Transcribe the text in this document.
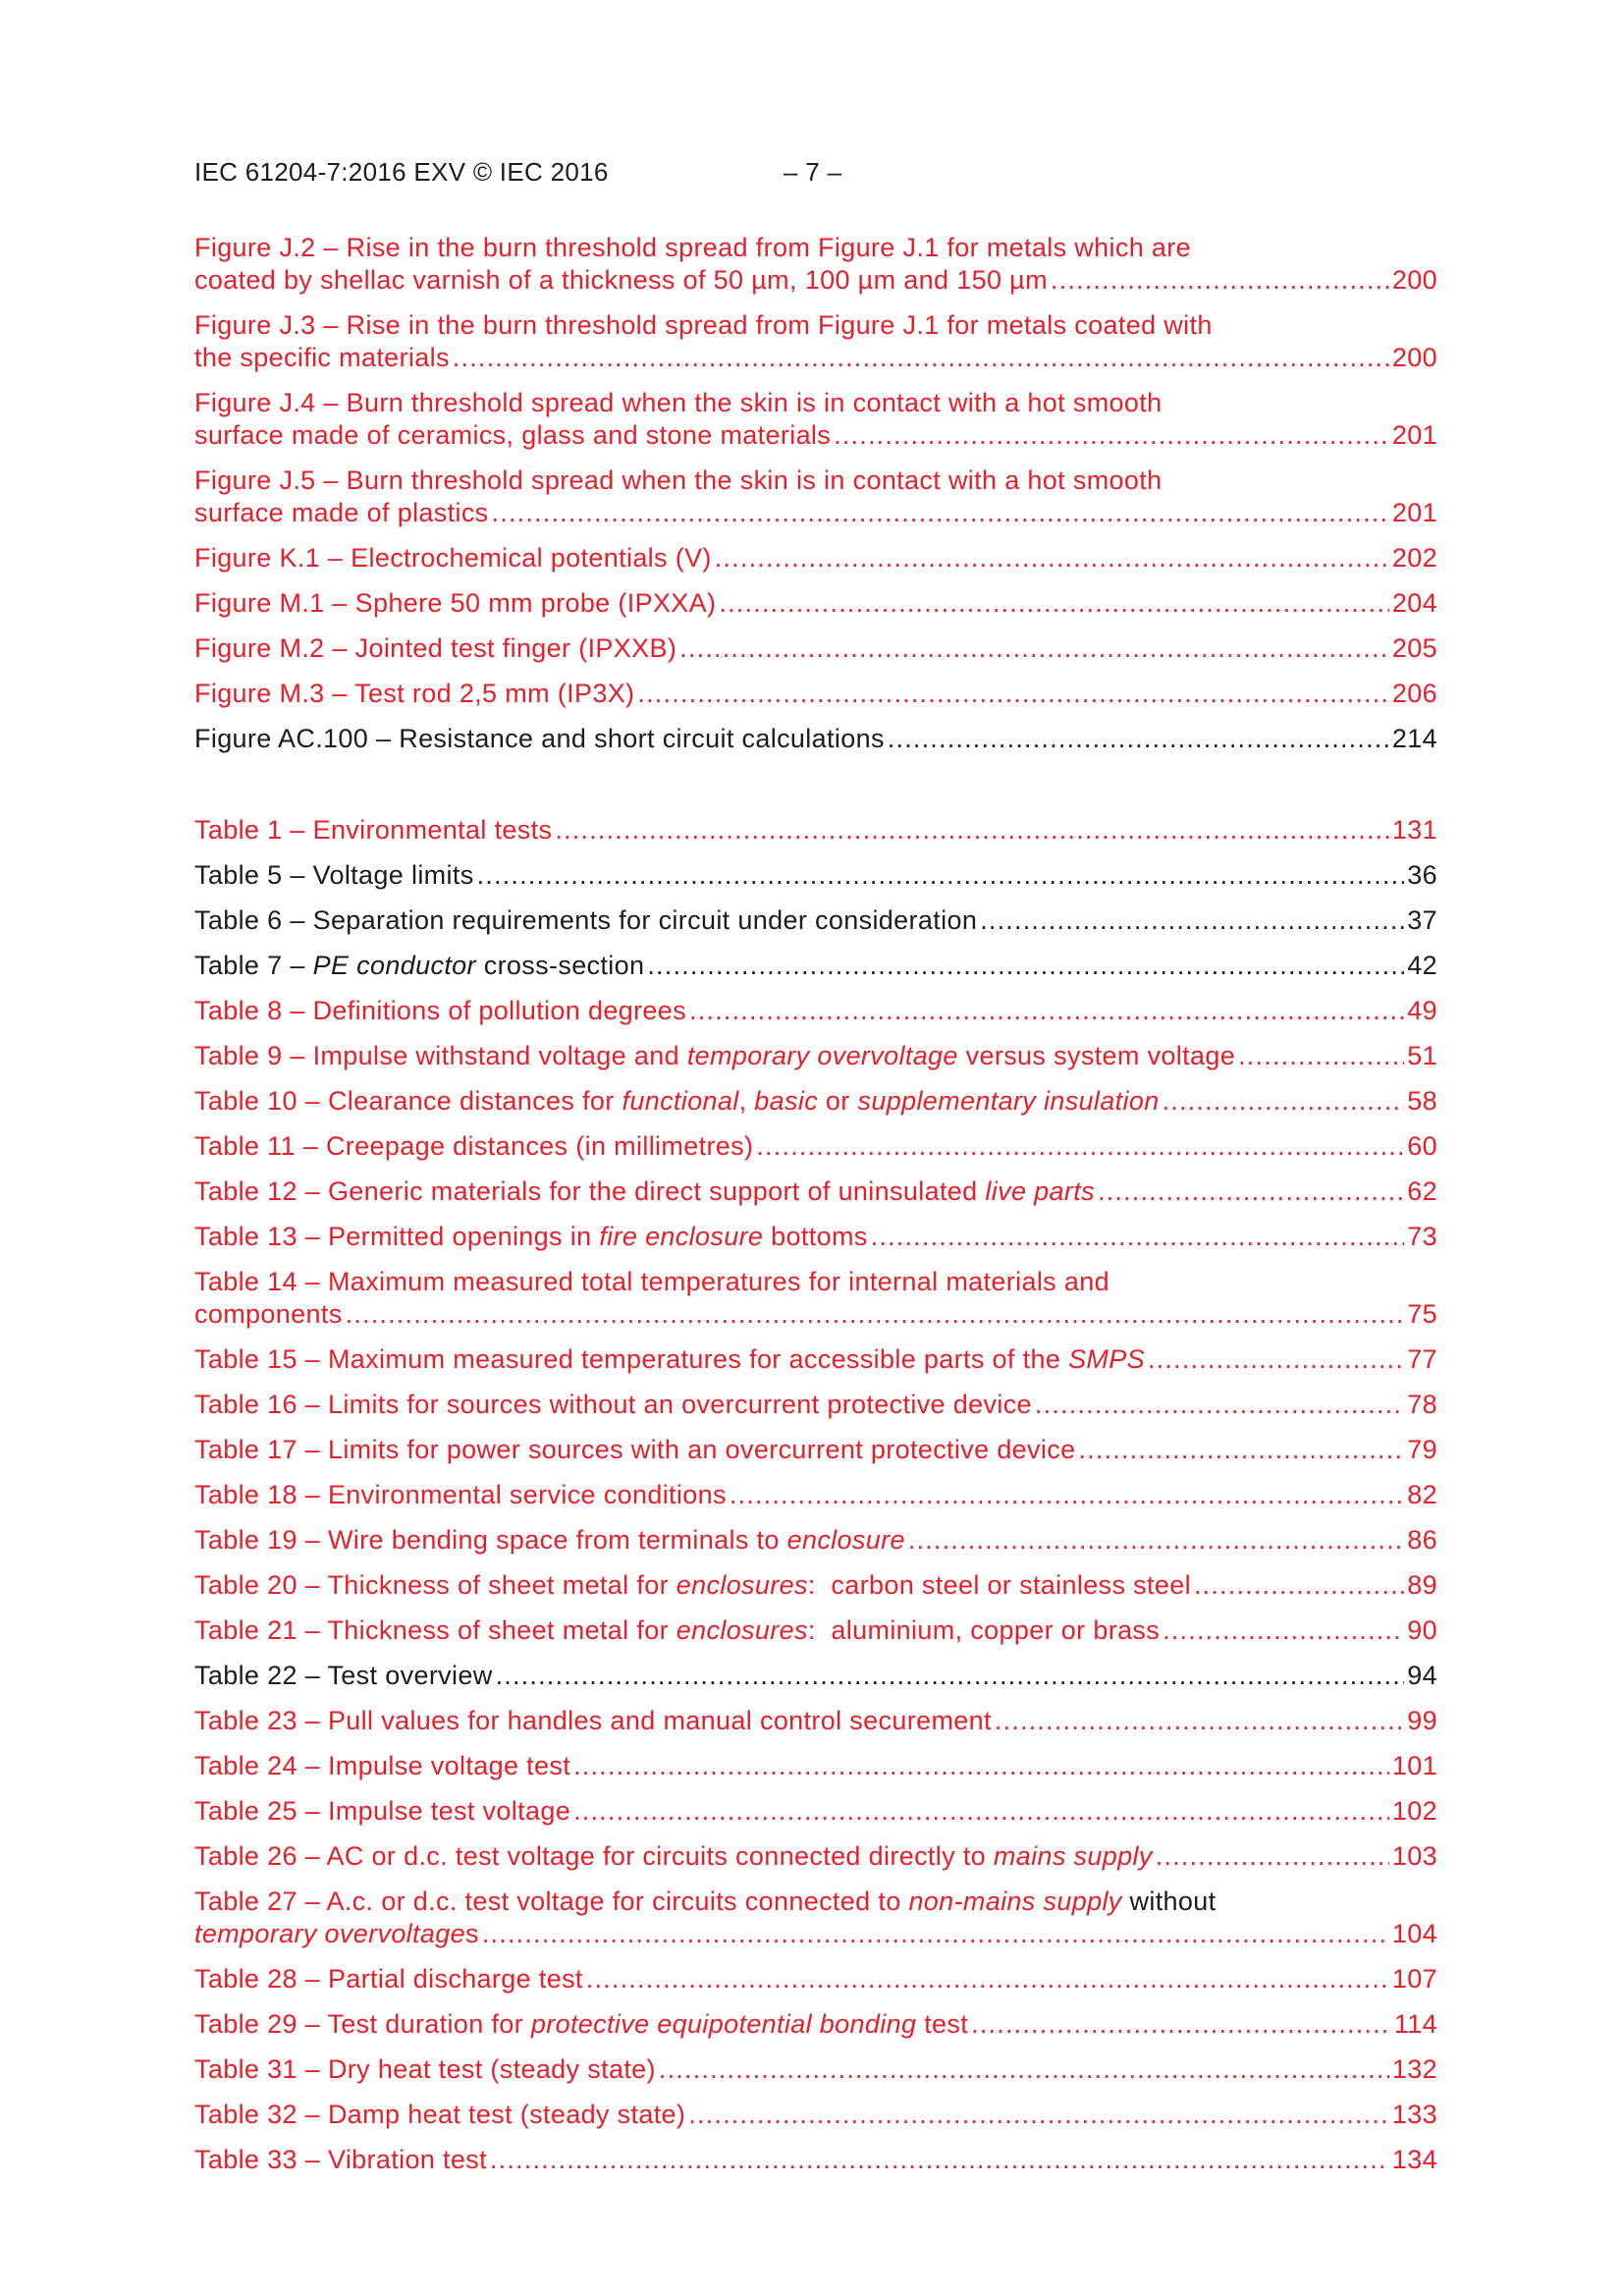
IEC 61204-7:2016 EXV © IEC 2016	– 7 –
Figure J.2 – Rise in the burn threshold spread from Figure J.1 for metals which are
coated by shellac varnish of a thickness of 50 µm, 100 µm and 150 µm .....	200
Figure J.3 – Rise in the burn threshold spread from Figure J.1 for metals coated with
the specific materials .....	200
Figure J.4 – Burn threshold spread when the skin is in contact with a hot smooth
surface made of ceramics, glass and stone materials .....	201
Figure J.5 – Burn threshold spread when the skin is in contact with a hot smooth
surface made of plastics .....	201
Figure K.1 – Electrochemical potentials (V) .....	202
Figure M.1 – Sphere 50 mm probe (IPXXA) .....	204
Figure M.2 – Jointed test finger (IPXXB) .....	205
Figure M.3 – Test rod 2,5 mm (IP3X) .....	206
Figure AC.100 – Resistance and short circuit calculations .....	214
Table 1 – Environmental tests .....	131
Table 5 – Voltage limits .....	36
Table 6 – Separation requirements for circuit under consideration .....	37
Table 7 – PE conductor cross-section .....	42
Table 8 – Definitions of pollution degrees .....	49
Table 9 – Impulse withstand voltage and temporary overvoltage versus system voltage .....	51
Table 10 – Clearance distances for functional, basic or supplementary insulation .....	58
Table 11 – Creepage distances (in millimetres) .....	60
Table 12 – Generic materials for the direct support of uninsulated live parts .....	62
Table 13 – Permitted openings in fire enclosure bottoms .....	73
Table 14 – Maximum measured total temperatures for internal materials and
components .....	75
Table 15 – Maximum measured temperatures for accessible parts of the SMPS .....	77
Table 16 – Limits for sources without an overcurrent protective device .....	78
Table 17 – Limits for power sources with an overcurrent protective device .....	79
Table 18 – Environmental service conditions .....	82
Table 19 – Wire bending space from terminals to enclosure .....	86
Table 20 – Thickness of sheet metal for enclosures:  carbon steel or stainless steel .....	89
Table 21 – Thickness of sheet metal for enclosures:  aluminium, copper or brass .....	90
Table 22 – Test overview .....	94
Table 23 – Pull values for handles and manual control securement .....	99
Table 24 – Impulse voltage test .....	101
Table 25 – Impulse test voltage .....	102
Table 26 – AC or d.c. test voltage for circuits connected directly to mains supply .....	103
Table 27 – A.c. or d.c. test voltage for circuits connected to non-mains supply without
temporary overvoltages .....	104
Table 28 – Partial discharge test .....	107
Table 29 – Test duration for protective equipotential bonding test .....	114
Table 31 – Dry heat test (steady state) .....	132
Table 32 – Damp heat test (steady state) .....	133
Table 33 – Vibration test .....	134
